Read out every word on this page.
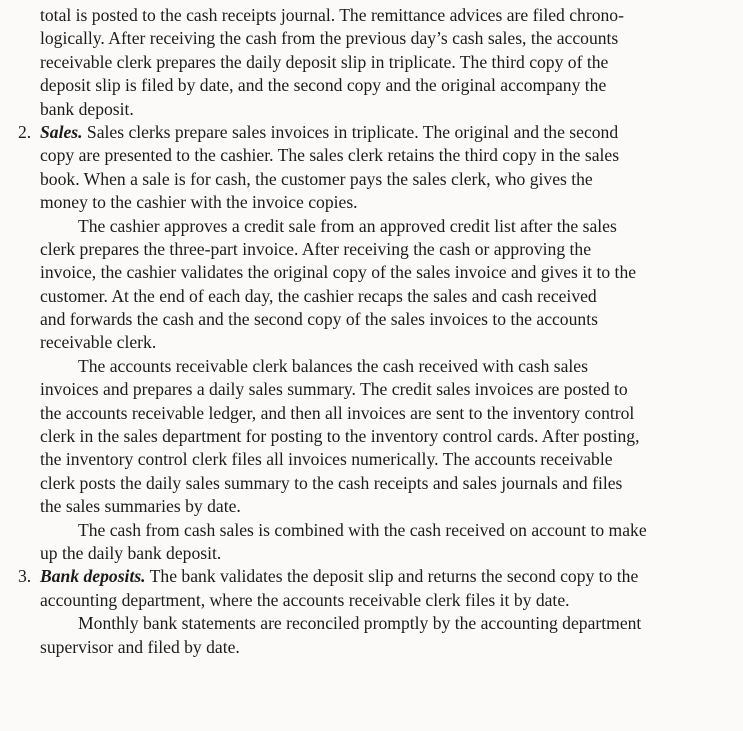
total is posted to the cash receipts journal. The remittance advices are filed chrono-
logically. After receiving the cash from the previous day’s cash sales, the accounts
receivable clerk prepares the daily deposit slip in triplicate. The third copy of the
deposit slip is filed by date, and the second copy and the original accompany the
bank deposit.
2. Sales. Sales clerks prepare sales invoices in triplicate. The original and the second
copy are presented to the cashier. The sales clerk retains the third copy in the sales
book. When a sale is for cash, the customer pays the sales clerk, who gives the
money to the cashier with the invoice copies.
The cashier approves a credit sale from an approved credit list after the sales
clerk prepares the three-part invoice. After receiving the cash or approving the
invoice, the cashier validates the original copy of the sales invoice and gives it to the
customer. At the end of each day, the cashier recaps the sales and cash received
and forwards the cash and the second copy of the sales invoices to the accounts
receivable clerk.
The accounts receivable clerk balances the cash received with cash sales
invoices and prepares a daily sales summary. The credit sales invoices are posted to
the accounts receivable ledger, and then all invoices are sent to the inventory control
clerk in the sales department for posting to the inventory control cards. After posting,
the inventory control clerk files all invoices numerically. The accounts receivable
clerk posts the daily sales summary to the cash receipts and sales journals and files
the sales summaries by date.
The cash from cash sales is combined with the cash received on account to make
up the daily bank deposit.
3. Bank deposits. The bank validates the deposit slip and returns the second copy to the
accounting department, where the accounts receivable clerk files it by date.
Monthly bank statements are reconciled promptly by the accounting department
supervisor and filed by date.
